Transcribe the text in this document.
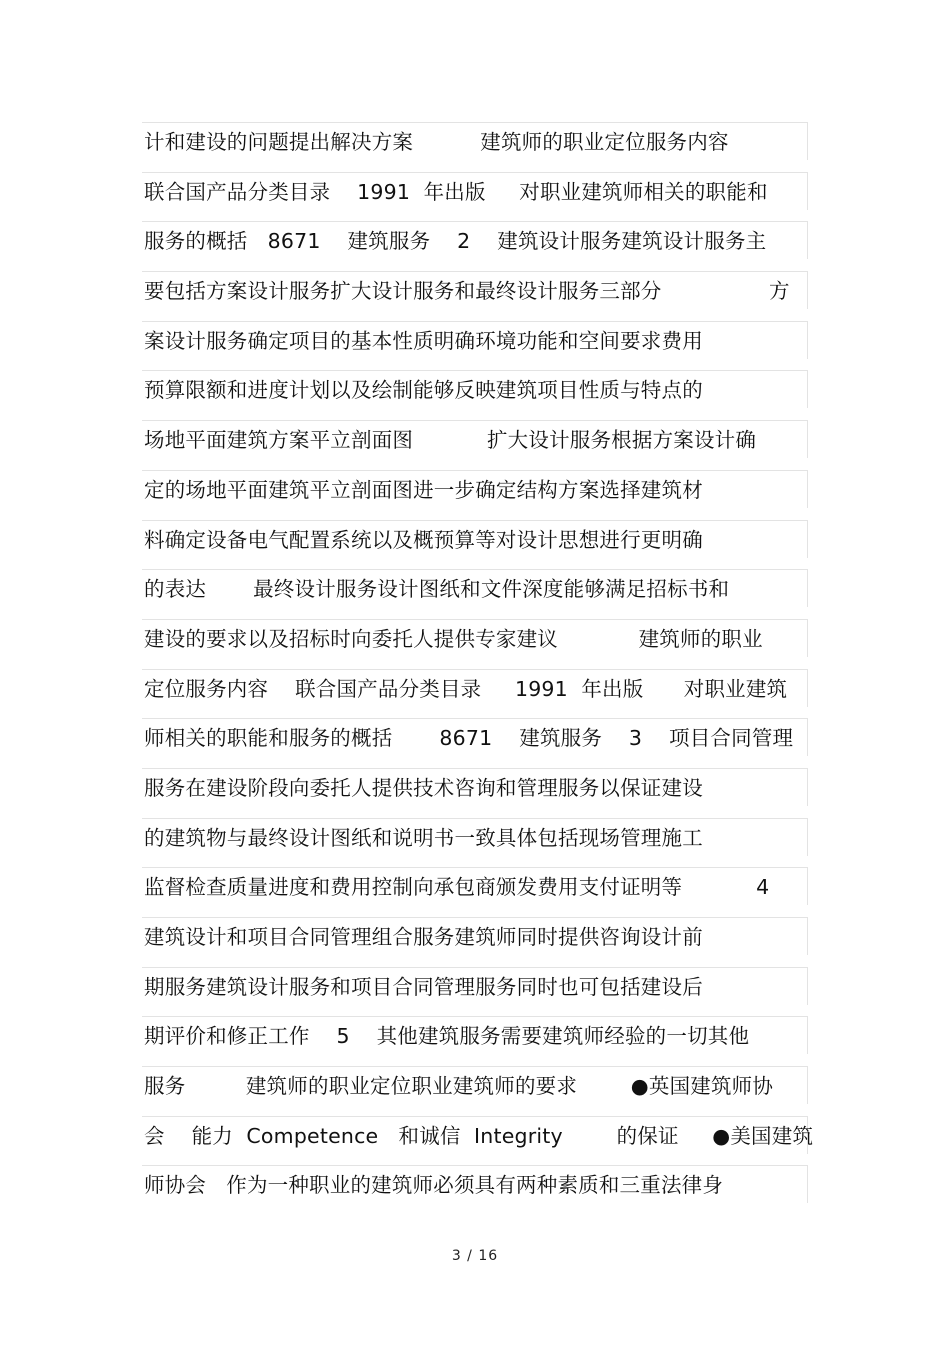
计和建设的问题提出解决方案          建筑师的职业定位服务内容
联合国产品分类目录    1991  年出版     对职业建筑师相关的职能和
服务的概括   8671    建筑服务    2    建筑设计服务建筑设计服务主
要包括方案设计服务扩大设计服务和最终设计服务三部分                方
案设计服务确定项目的基本性质明确环境功能和空间要求费用
预算限额和进度计划以及绘制能够反映建筑项目性质与特点的
场地平面建筑方案平立剖面图           扩大设计服务根据方案设计确
定的场地平面建筑平立剖面图进一步确定结构方案选择建筑材
料确定设备电气配置系统以及概预算等对设计思想进行更明确
的表达       最终设计服务设计图纸和文件深度能够满足招标书和
建设的要求以及招标时向委托人提供专家建议            建筑师的职业
定位服务内容    联合国产品分类目录     1991  年出版      对职业建筑
师相关的职能和服务的概括       8671    建筑服务    3    项目合同管理
服务在建设阶段向委托人提供技术咨询和管理服务以保证建设
的建筑物与最终设计图纸和说明书一致具体包括现场管理施工
监督检查质量进度和费用控制向承包商颁发费用支付证明等           4
建筑设计和项目合同管理组合服务建筑师同时提供咨询设计前
期服务建筑设计服务和项目合同管理服务同时也可包括建设后
期评价和修正工作    5    其他建筑服务需要建筑师经验的一切其他
服务         建筑师的职业定位职业建筑师的要求        ●英国建筑师协
会    能力  Competence   和诚信  Integrity        的保证     ●美国建筑
师协会   作为一种职业的建筑师必须具有两种素质和三重法律身
3 / 16
